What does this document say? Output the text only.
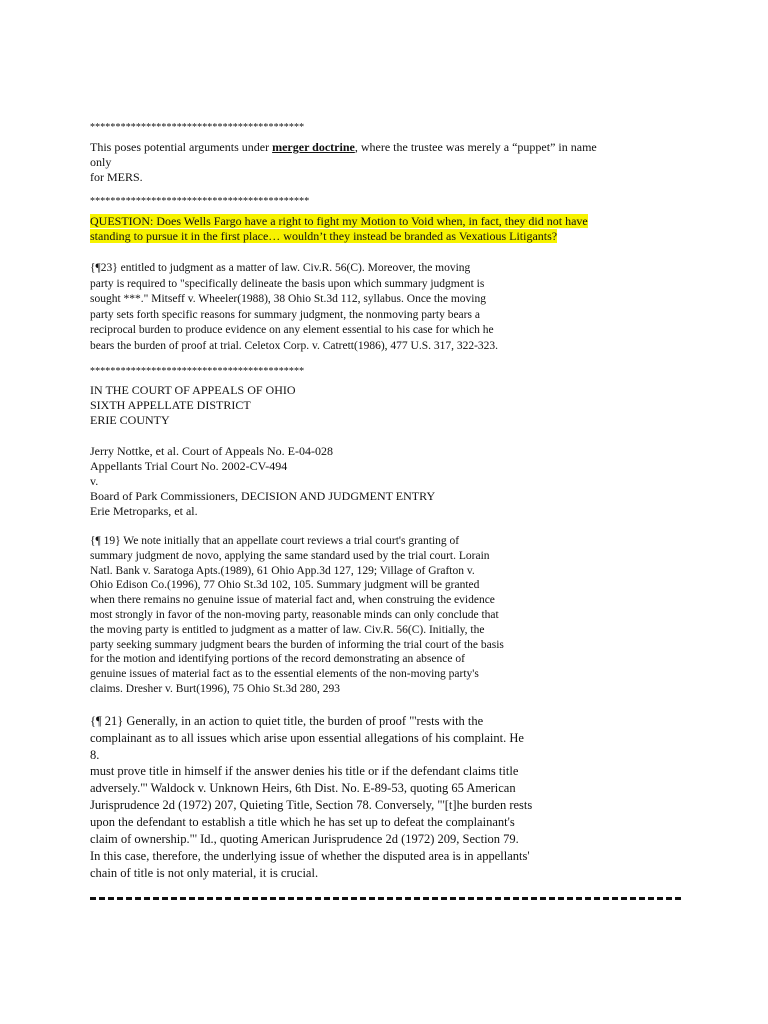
******************************************
This poses potential arguments under merger doctrine, where the trustee was merely a “puppet” in name
only
for MERS.
*******************************************
QUESTION: Does Wells Fargo have a right to fight my Motion to Void when, in fact, they did not have
standing to pursue it in the first place… wouldn’t they instead be branded as Vexatious Litigants?
{¶23} entitled to judgment as a matter of law. Civ.R. 56(C). Moreover, the moving
party is required to "specifically delineate the basis upon which summary judgment is
sought ***." Mitseff v. Wheeler(1988), 38 Ohio St.3d 112, syllabus. Once the moving
party sets forth specific reasons for summary judgment, the nonmoving party bears a
reciprocal burden to produce evidence on any element essential to his case for which he
bears the burden of proof at trial. Celetox Corp. v. Catrett(1986), 477 U.S. 317, 322-323.
******************************************
IN THE COURT OF APPEALS OF OHIO
SIXTH APPELLATE DISTRICT
ERIE COUNTY
Jerry Nottke, et al. Court of Appeals No. E-04-028
Appellants Trial Court No. 2002-CV-494
v.
Board of Park Commissioners, DECISION AND JUDGMENT ENTRY
Erie Metroparks, et al.
{¶ 19} We note initially that an appellate court reviews a trial court's granting of
summary judgment de novo, applying the same standard used by the trial court. Lorain
Natl. Bank v. Saratoga Apts.(1989), 61 Ohio App.3d 127, 129; Village of Grafton v.
Ohio Edison Co.(1996), 77 Ohio St.3d 102, 105. Summary judgment will be granted
when there remains no genuine issue of material fact and, when construing the evidence
most strongly in favor of the non-moving party, reasonable minds can only conclude that
the moving party is entitled to judgment as a matter of law. Civ.R. 56(C). Initially, the
party seeking summary judgment bears the burden of informing the trial court of the basis
for the motion and identifying portions of the record demonstrating an absence of
genuine issues of material fact as to the essential elements of the non-moving party's
claims. Dresher v. Burt(1996), 75 Ohio St.3d 280, 293
{¶ 21} Generally, in an action to quiet title, the burden of proof "'rests with the
complainant as to all issues which arise upon essential allegations of his complaint. He
8.
must prove title in himself if the answer denies his title or if the defendant claims title
adversely."' Waldock v. Unknown Heirs, 6th Dist. No. E-89-53, quoting 65 American
Jurisprudence 2d (1972) 207, Quieting Title, Section 78. Conversely, "'[t]he burden rests
upon the defendant to establish a title which he has set up to defeat the complainant's
claim of ownership."' Id., quoting American Jurisprudence 2d (1972) 209, Section 79.
In this case, therefore, the underlying issue of whether the disputed area is in appellants'
chain of title is not only material, it is crucial.
